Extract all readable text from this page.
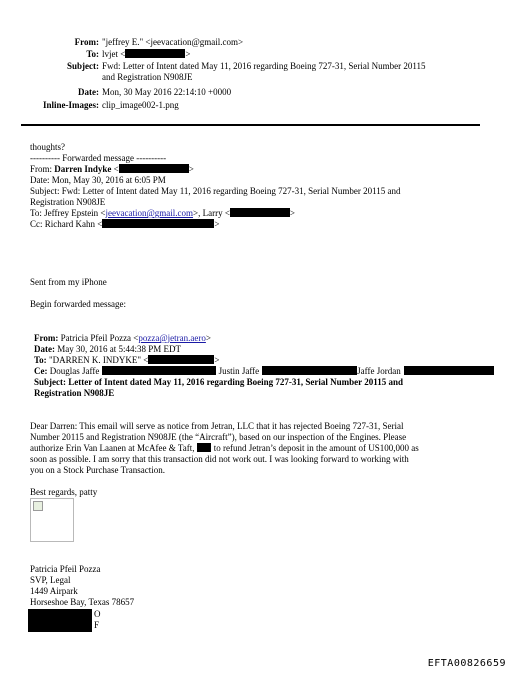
From: "jeffrey E." <jeevacation@gmail.com>
To: lvjet <	>
Subject: Fwd: Letter of Intent dated May 11, 2016 regarding Boeing 727-31, Serial Number 20115
and Registration N908JE
Date: Mon, 30 May 2016 22:14:10 +0000
Inline-Images: clip_image002-1.png
thoughts?
---------- Forwarded message ----------
From: Darren Indyke <	>
Date: Mon, May 30, 2016 at 6:05 PM
Subject: Fwd: Letter of Intent dated May 11, 2016 regarding Boeing 727-31, Serial Number 20115 and
Registration N908JE
To: Jeffrey Epstein <jeevacation@gmail.com>, Larry <	>
Cc: Richard Kahn <	>
Sent from my iPhone
Begin forwarded message:
From: Patricia Pfeil Pozza <pozza@jetran.aero>
Date: May 30, 2016 at 5:44:38 PM EDT
To: "DARREN K. INDYKE" <	>
Ce: Douglas Jaffe	Justin Jaffe	Jaffe Jordan
Subject: Letter of Intent dated May 11, 2016 regarding Boeing 727-31, Serial Number 20115 and
Registration N908JE
Dear Darren: This email will serve as notice from Jetran, LLC that it has rejected Boeing 727-31, Serial
Number 20115 and Registration N908JE (the “Aircraft”), based on our inspection of the Engines. Please
authorize Erin Van Laanen at McAfee & Taft, to refund Jetran’s deposit in the amount of US100,000 as
soon as possible. I am sorry that this transaction did not work out. I was looking forward to working with
you on a Stock Purchase Transaction.
Best regards, patty
Patricia Pfeil Pozza
SVP, Legal
1449 Airpark
Horseshoe Bay, Texas 78657
O
F
EFTA00826659
